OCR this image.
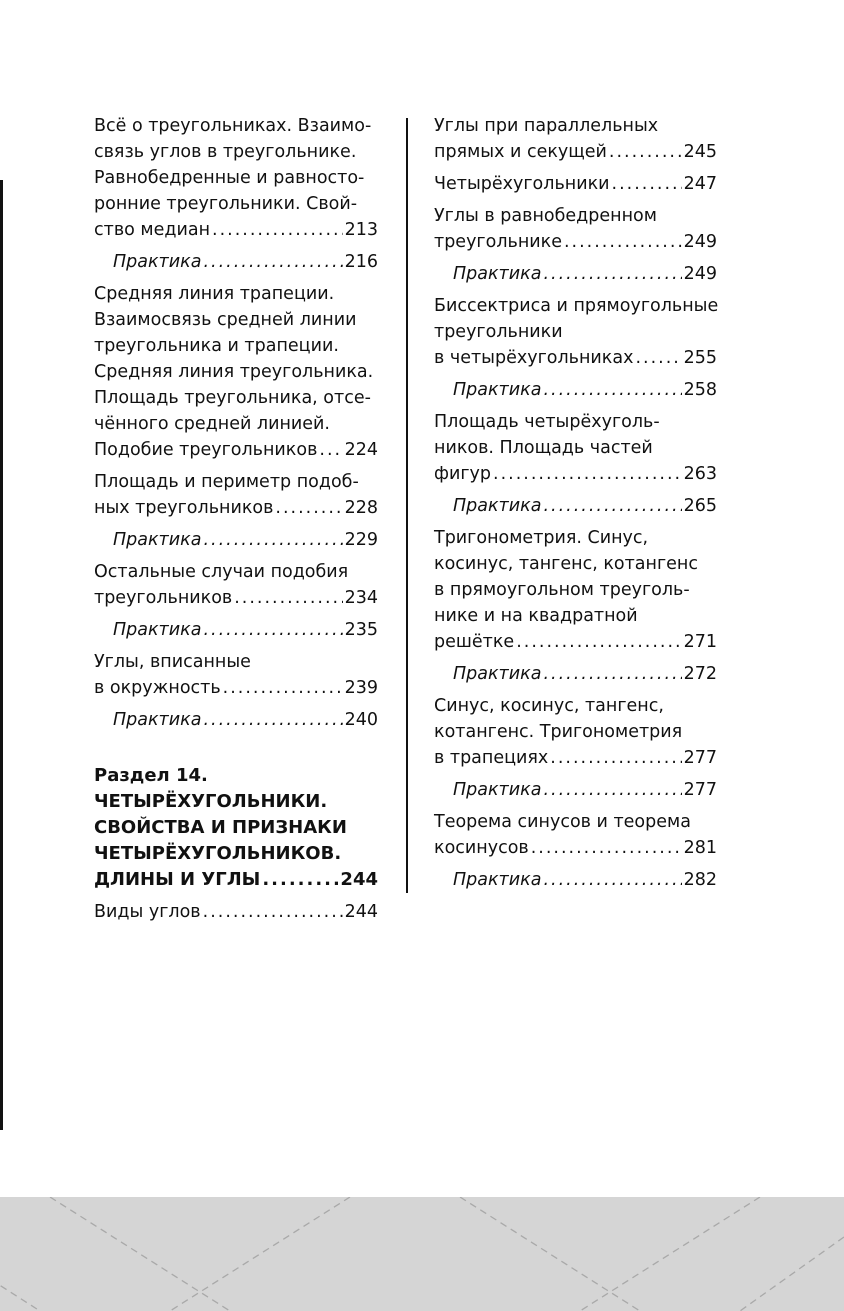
Всё о треугольниках. Взаимо-
связь углов в треугольнике.
Равнобедренные и равносто-
ронние треугольники. Свой-
ство медиан .....	213
Практика .....	216
Средняя линия трапеции.
Взаимосвязь средней линии
треугольника и трапеции.
Средняя линия треугольника.
Площадь треугольника, отсе-
чённого средней линией.
Подобие треугольников ..... 224
Площадь и периметр подоб-
ных треугольников .....	228
Практика .....	229
Остальные случаи подобия
треугольников .....	234
Практика .....	235
Углы, вписанные
в окружность .....	239
Практика .....	240
Раздел 14.
ЧЕТЫРЁХУГОЛЬНИКИ.
СВОЙСТВА И ПРИЗНАКИ
ЧЕТЫРЁХУГОЛЬНИКОВ.
ДЛИНЫ И УГЛЫ .....	244
Виды углов .....	244
Углы при параллельных
прямых и секущей .....	245
Четырёхугольники .....	247
Углы в равнобедренном
треугольнике .....	249
Практика .....	249
Биссектриса и прямоугольные
треугольники
в четырёхугольниках .....	255
Практика .....	258
Площадь четырёхуголь-
ников. Площадь частей
фигур .....	263
Практика .....	265
Тригонометрия. Синус,
косинус, тангенс, котангенс
в прямоугольном треуголь-
нике и на квадратной
решётке .....	271
Практика .....	272
Синус, косинус, тангенс,
котангенс. Тригонометрия
в трапециях .....	277
Практика .....	277
Теорема синусов и теорема
косинусов .....	281
Практика .....	282
